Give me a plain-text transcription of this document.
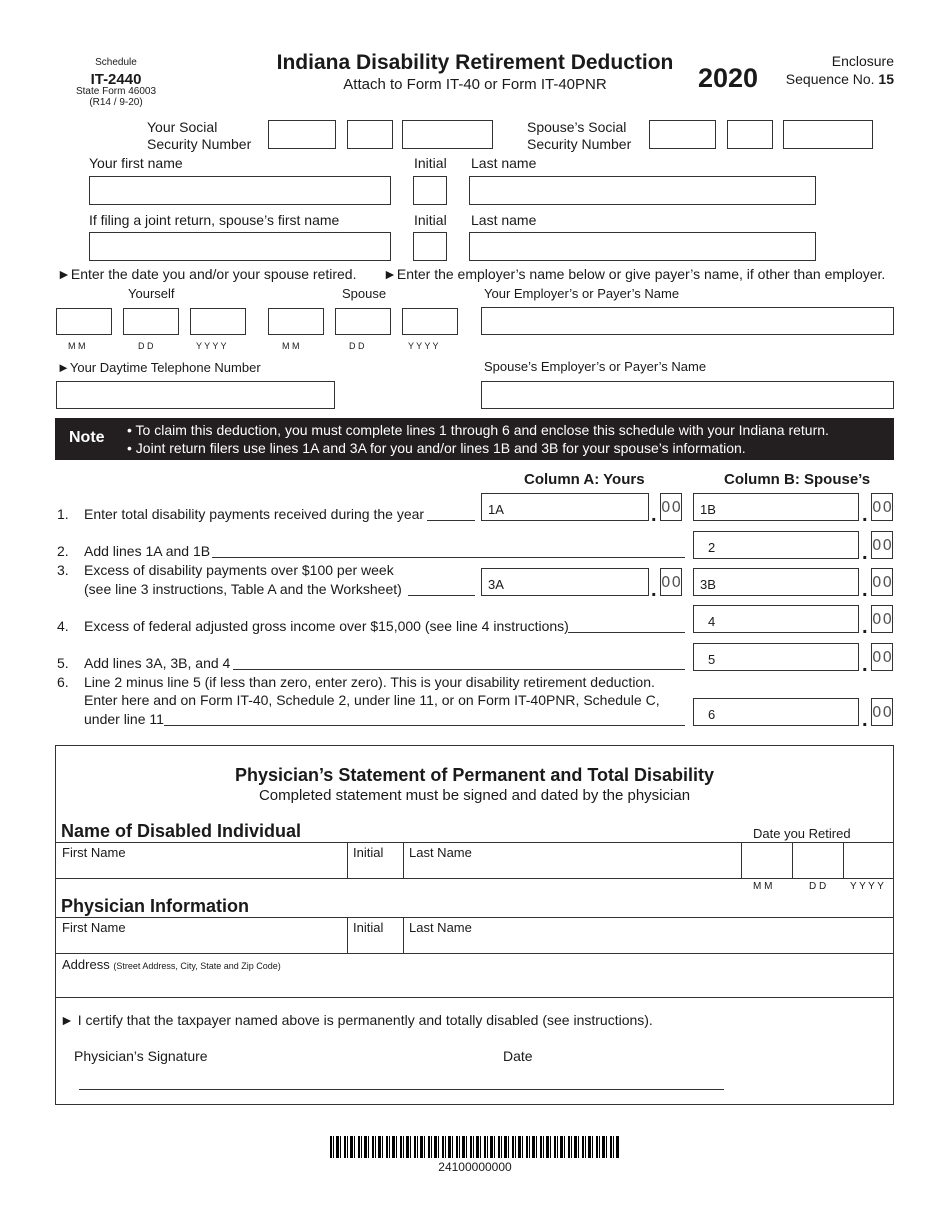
Schedule
IT-2440
State Form 46003
(R14 / 9-20)
Indiana Disability Retirement Deduction
Attach to Form IT-40 or Form IT-40PNR	2020
Enclosure
Sequence No. 15
Your Social
Security Number
Spouse’s Social
Security Number
Your first name	Initial Last name
If filing a joint return, spouse’s first name	Initial Last name
►Enter the date you and/or your spouse retired. ►Enter the employer’s name below or give payer’s name, if other than employer.
Yourself	Spouse	Your Employer’s or Payer’s Name
M M	D D	Y Y Y Y	M M	D D	Y Y Y Y
►Your Daytime Telephone Number	Spouse’s Employer’s or Payer’s Name
Note • To claim this deduction, you must complete lines 1 through 6 and enclose this schedule with your Indiana return.
• Joint return filers use lines 1A and 3A for you and/or lines 1B and 3B for your spouse’s information.
Column A: Yours	Column B: Spouse’s
1. Enter total disability payments received during the year	1A	. 00 1B	. 00
2. Add lines 1A and 1B	2	. 00
3. Excess of disability payments over $100 per week
(see line 3 instructions, Table A and the Worksheet)	3A	. 00 3B	. 00
4. Excess of federal adjusted gross income over $15,000 (see line 4 instructions)	4	. 00
5. Add lines 3A, 3B, and 4	5	. 00
6. Line 2 minus line 5 (if less than zero, enter zero). This is your disability retirement deduction.
Enter here and on Form IT-40, Schedule 2, under line 11, or on Form IT-40PNR, Schedule C,
under line 11	6	. 00
Physician’s Statement of Permanent and Total Disability
Completed statement must be signed and dated by the physician
Name of Disabled Individual	Date you Retired
First Name	Initial Last Name
M M	D D Y Y Y Y
Physician Information
First Name	Initial Last Name
Address (Street Address, City, State and Zip Code)
► I certify that the taxpayer named above is permanently and totally disabled (see instructions).
Physician’s Signature	Date
24100000000
